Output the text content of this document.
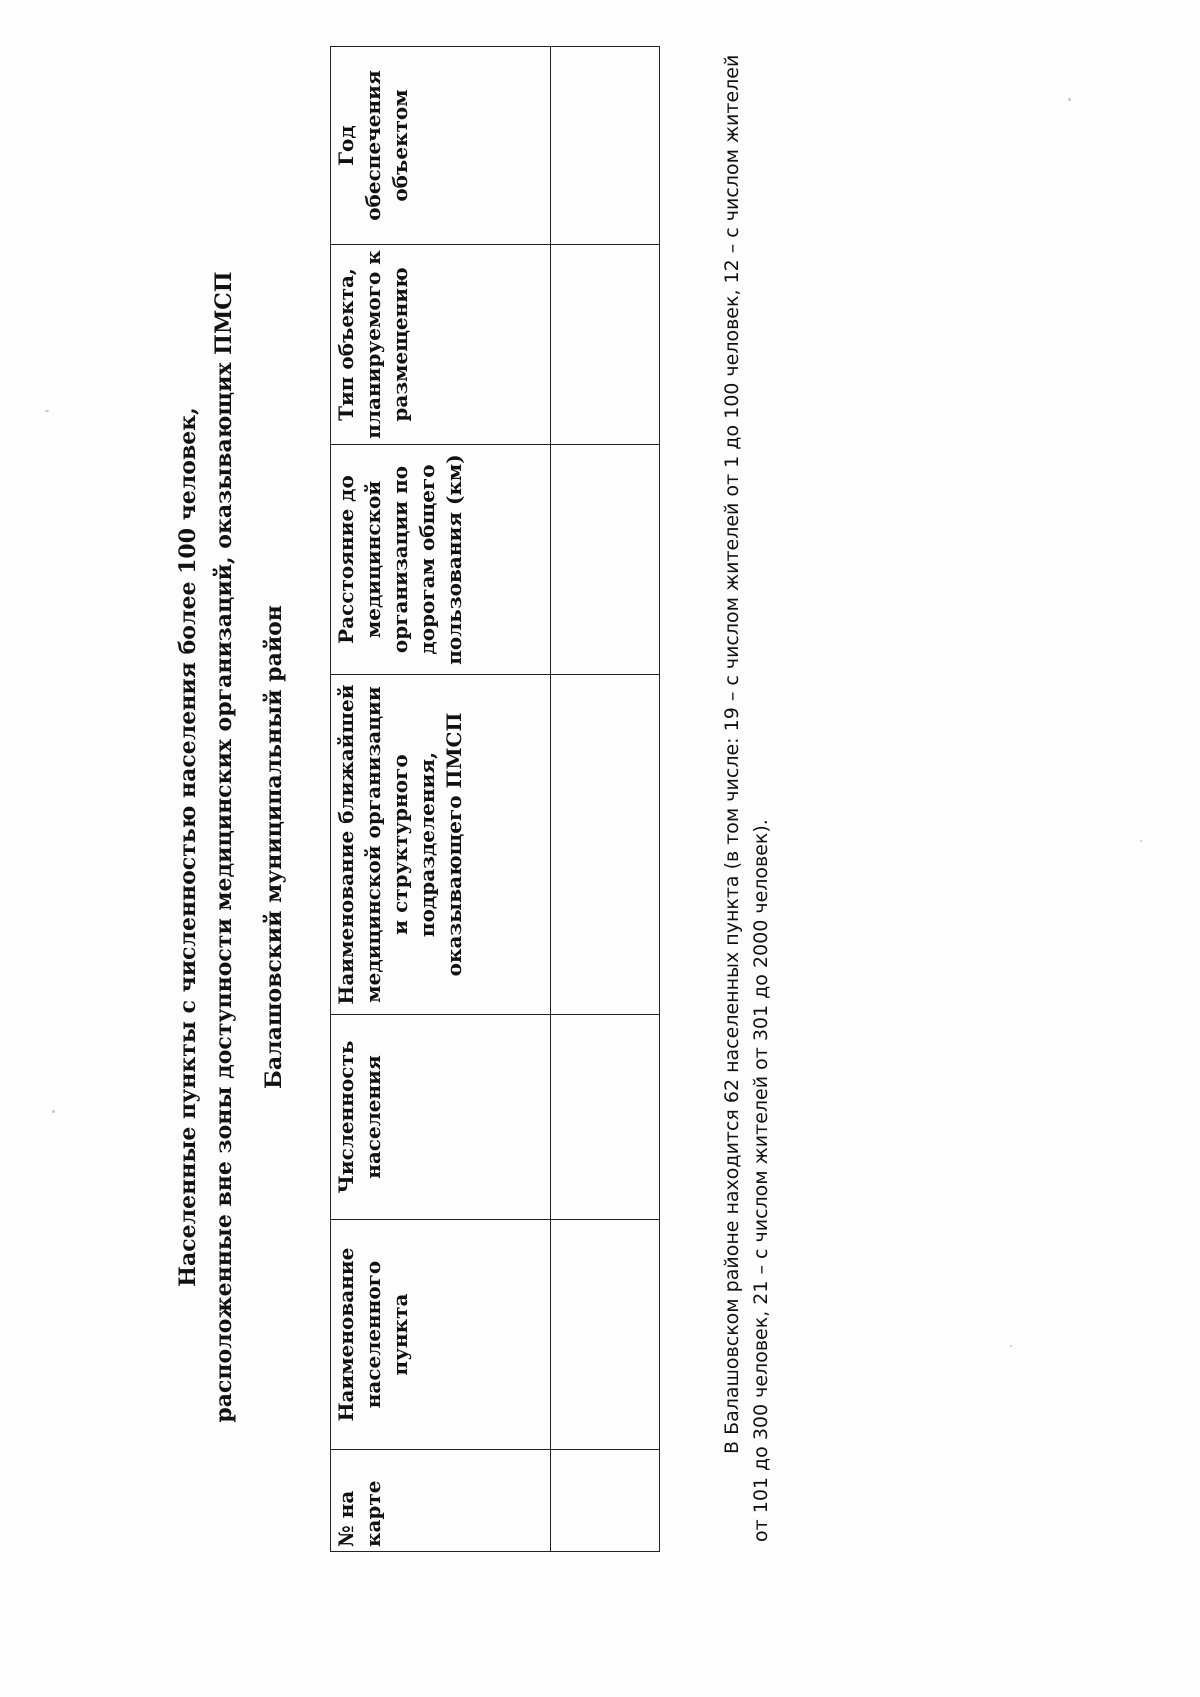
Населенные пункты с численностью населения более 100 человек, расположенные вне зоны доступности медицинских организаций, оказывающих ПМСП Балашовский муниципальный район
№ на карте	Наименование населенного пункта	Численность населения	Наименование ближайшей медицинской организации и структурного подразделения, оказывающего ПМСП	Расстояние до медицинской организации по дорогам общего пользования (км)	Тип объекта, планируемого к размещению	Год обеспечения объектом
							В Балашовском районе находится 62 населенных пункта (в том числе: 19 – с числом жителей от 1 до 100 человек, 12 – с числом жителей от 101 до 300 человек, 21 – с числом жителей от 301 до 2000 человек).
